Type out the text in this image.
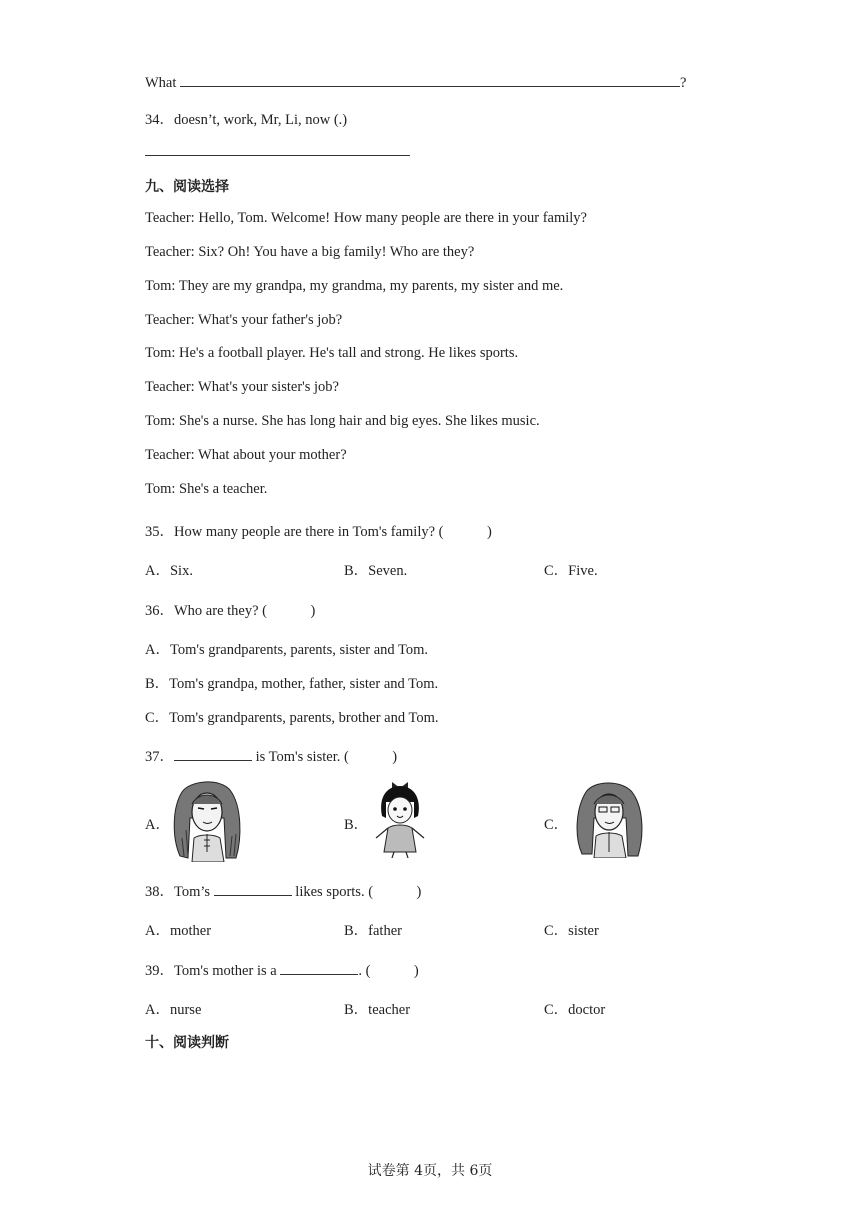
What	?
34．doesn’t, work, Mr, Li, now (.)
九、阅读选择
Teacher: Hello, Tom. Welcome! How many people are there in your family?
Teacher: Six? Oh! You have a big family! Who are they?
Tom: They are my grandpa, my grandma, my parents, my sister and me.
Teacher: What's your father's job?
Tom: He's a football player. He's tall and strong. He likes sports.
Teacher: What's your sister's job?
Tom: She's a nurse. She has long hair and big eyes. She likes music.
Teacher: What about your mother?
Tom: She's a teacher.
35．How many people are there in Tom's family? (　　　)
A．Six.	B．Seven.	C．Five.
36．Who are they? (　　　)
A．Tom's grandparents, parents, sister and Tom.
B．Tom's grandpa, mother, father, sister and Tom.
C．Tom's grandparents, parents, brother and Tom.
37．	is Tom's sister. (　　　)
A．	B．	C．
38．Tom’s	likes sports. (　　　)
A．mother	B．father	C．sister
39．Tom's mother is a	. (　　　)
A．nurse	B．teacher	C．doctor
十、阅读判断
试卷第 4页，共 6页
